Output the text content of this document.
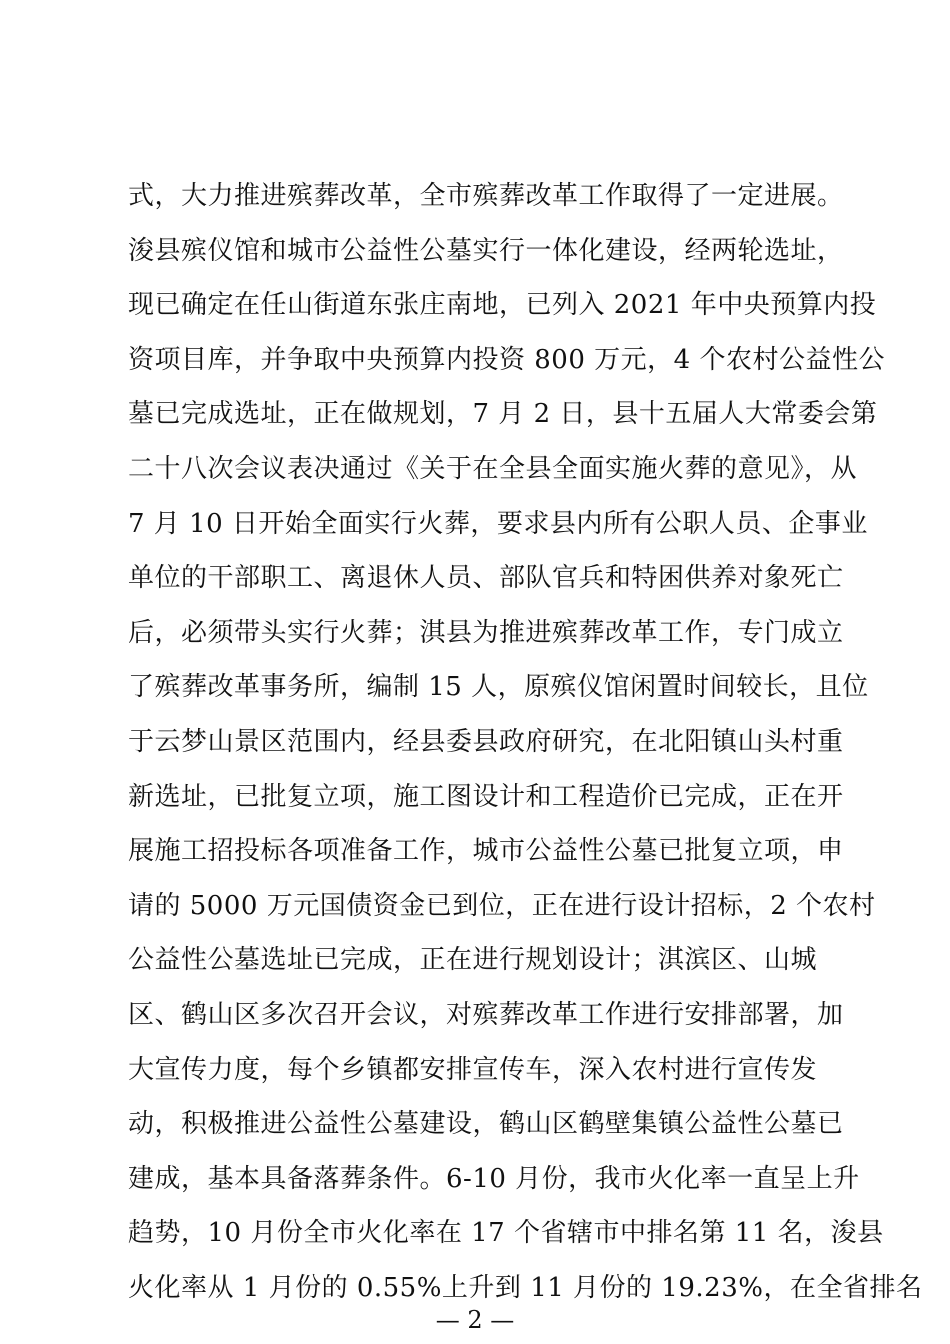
式，大力推进殡葬改革，全市殡葬改革工作取得了一定进展。
浚县殡仪馆和城市公益性公墓实行一体化建设，经两轮选址，
现已确定在任山街道东张庄南地，已列入 2021 年中央预算内投
资项目库，并争取中央预算内投资 800 万元，4 个农村公益性公
墓已完成选址，正在做规划，7 月 2 日，县十五届人大常委会第
二十八次会议表决通过《关于在全县全面实施火葬的意见》，从
7 月 10 日开始全面实行火葬，要求县内所有公职人员、企事业
单位的干部职工、离退休人员、部队官兵和特困供养对象死亡
后，必须带头实行火葬；淇县为推进殡葬改革工作，专门成立
了殡葬改革事务所，编制 15 人，原殡仪馆闲置时间较长，且位
于云梦山景区范围内，经县委县政府研究，在北阳镇山头村重
新选址，已批复立项，施工图设计和工程造价已完成，正在开
展施工招投标各项准备工作，城市公益性公墓已批复立项，申
请的 5000 万元国债资金已到位，正在进行设计招标，2 个农村
公益性公墓选址已完成，正在进行规划设计；淇滨区、山城
区、鹤山区多次召开会议，对殡葬改革工作进行安排部署，加
大宣传力度，每个乡镇都安排宣传车，深入农村进行宣传发
动，积极推进公益性公墓建设，鹤山区鹤壁集镇公益性公墓已
建成，基本具备落葬条件。6-10 月份，我市火化率一直呈上升
趋势，10 月份全市火化率在 17 个省辖市中排名第 11 名，浚县
火化率从 1 月份的 0.55%上升到 11 月份的 19.23%，在全省排名
— 2 —
